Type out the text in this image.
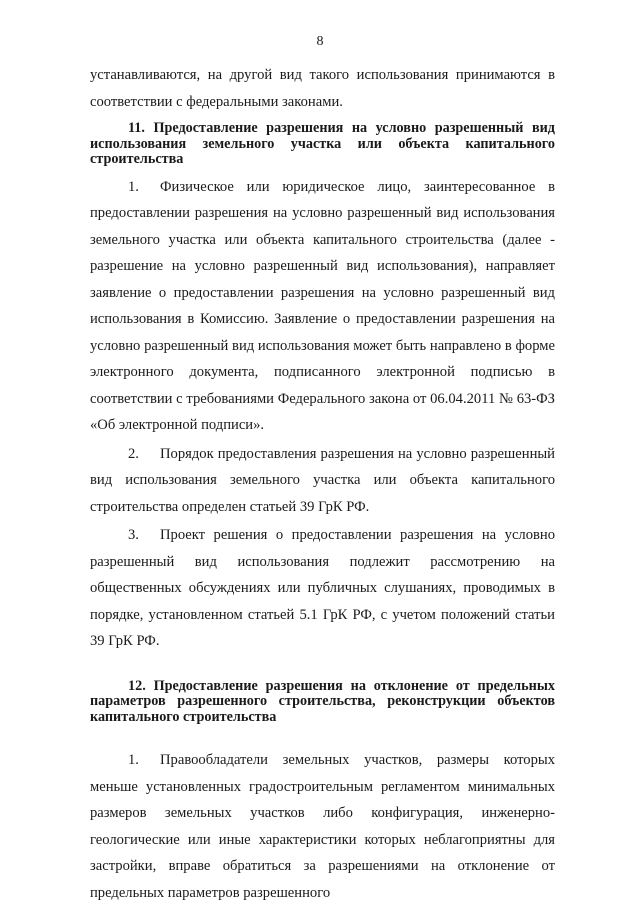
8

устанавливаются, на другой вид такого использования принимаются в соответствии с федеральными законами.

11. Предоставление разрешения на условно разрешенный вид использования земельного участка или объекта капитального строительства

1. Физическое или юридическое лицо, заинтересованное в предоставлении разрешения на условно разрешенный вид использования земельного участка или объекта капитального строительства (далее - разрешение на условно разрешенный вид использования), направляет заявление о предоставлении разрешения на условно разрешенный вид использования в Комиссию. Заявление о предоставлении разрешения на условно разрешенный вид использования может быть направлено в форме электронного документа, подписанного электронной подписью в соответствии с требованиями Федерального закона от 06.04.2011 № 63-ФЗ «Об электронной подписи».

2. Порядок предоставления разрешения на условно разрешенный вид использования земельного участка или объекта капитального строительства определен статьей 39 ГрК РФ.

3. Проект решения о предоставлении разрешения на условно разрешенный вид использования подлежит рассмотрению на общественных обсуждениях или публичных слушаниях, проводимых в порядке, установленном статьей 5.1 ГрК РФ, с учетом положений статьи 39 ГрК РФ.

12. Предоставление разрешения на отклонение от предельных параметров разрешенного строительства, реконструкции объектов капитального строительства

1. Правообладатели земельных участков, размеры которых меньше установленных градостроительным регламентом минимальных размеров земельных участков либо конфигурация, инженерно-геологические или иные характеристики которых неблагоприятны для застройки, вправе обратиться за разрешениями на отклонение от предельных параметров разрешенного
